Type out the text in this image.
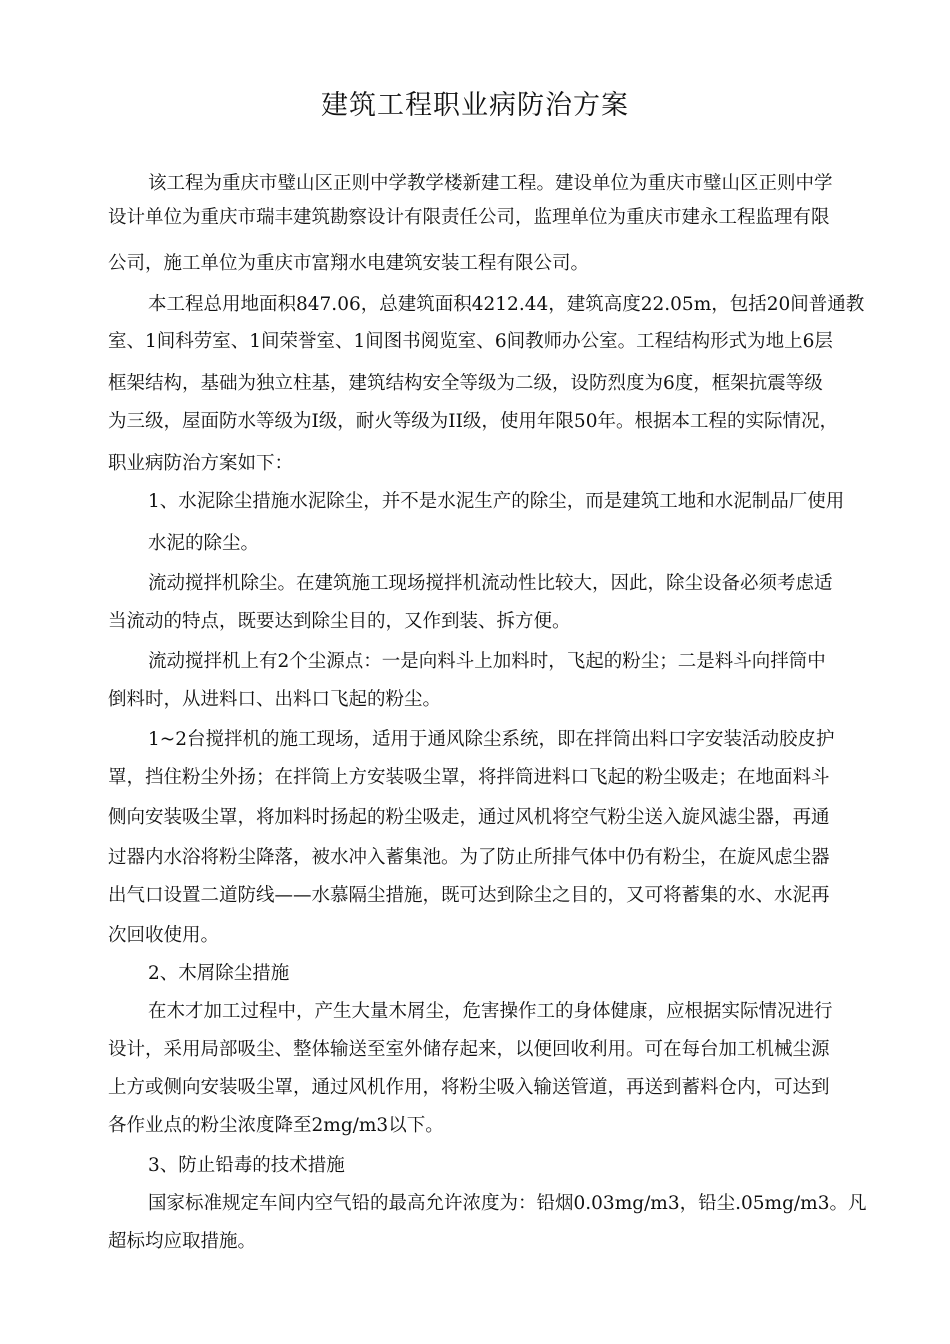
建筑工程职业病防治方案
该工程为重庆市璧山区正则中学教学楼新建工程。建设单位为重庆市璧山区正则中学
设计单位为重庆市瑞丰建筑勘察设计有限责任公司，监理单位为重庆市建永工程监理有限
公司，施工单位为重庆市富翔水电建筑安装工程有限公司。
本工程总用地面积847.06，总建筑面积4212.44，建筑高度22.05m，包括20间普通教
室、1间科劳室、1间荣誉室、1间图书阅览室、6间教师办公室。工程结构形式为地上6层
框架结构，基础为独立柱基，建筑结构安全等级为二级，设防烈度为6度，框架抗震等级
为三级，屋面防水等级为I级，耐火等级为II级，使用年限50年。根据本工程的实际情况，
职业病防治方案如下：
1、水泥除尘措施水泥除尘，并不是水泥生产的除尘，而是建筑工地和水泥制品厂使用
水泥的除尘。
流动搅拌机除尘。在建筑施工现场搅拌机流动性比较大，因此，除尘设备必须考虑适
当流动的特点，既要达到除尘目的，又作到装、拆方便。
流动搅拌机上有2个尘源点：一是向料斗上加料时，飞起的粉尘；二是料斗向拌筒中
倒料时，从进料口、出料口飞起的粉尘。
1~2台搅拌机的施工现场，适用于通风除尘系统，即在拌筒出料口字安装活动胶皮护
罩，挡住粉尘外扬；在拌筒上方安装吸尘罩，将拌筒进料口飞起的粉尘吸走；在地面料斗
侧向安装吸尘罩，将加料时扬起的粉尘吸走，通过风机将空气粉尘送入旋风滤尘器，再通
过器内水浴将粉尘降落，被水冲入蓄集池。为了防止所排气体中仍有粉尘，在旋风虑尘器
出气口设置二道防线——水慕隔尘措施，既可达到除尘之目的，又可将蓄集的水、水泥再
次回收使用。
2、木屑除尘措施
在木才加工过程中，产生大量木屑尘，危害操作工的身体健康，应根据实际情况进行
设计，采用局部吸尘、整体输送至室外储存起来，以便回收利用。可在每台加工机械尘源
上方或侧向安装吸尘罩，通过风机作用，将粉尘吸入输送管道，再送到蓄料仓内，可达到
各作业点的粉尘浓度降至2mg/m3以下。
3、防止铅毒的技术措施
国家标准规定车间内空气铅的最高允许浓度为：铅烟0.03mg/m3，铅尘.05mg/m3。凡
超标均应取措施。
